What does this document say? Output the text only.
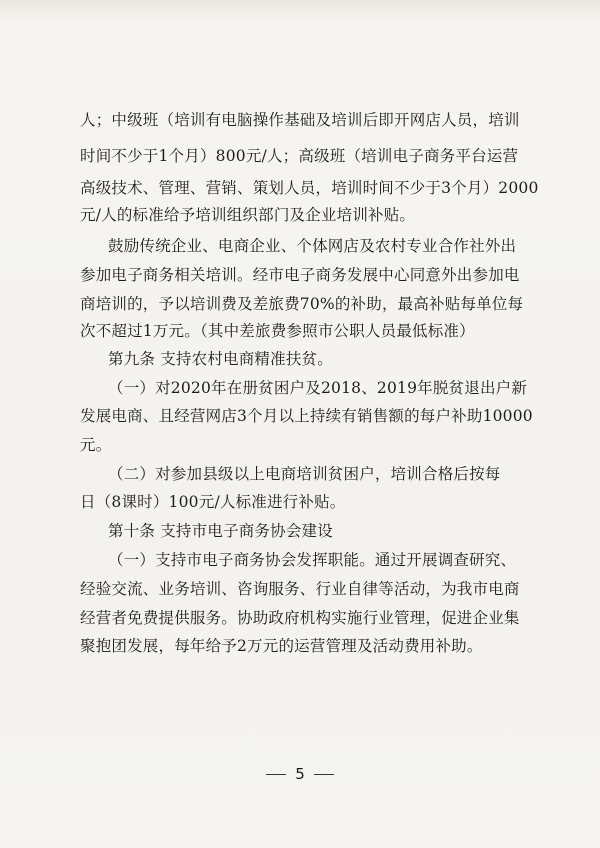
人；中级班（培训有电脑操作基础及培训后即开网店人员，培训
时间不少于1个月）800元/人；高级班（培训电子商务平台运营
高级技术、管理、营销、策划人员，培训时间不少于3个月）2000
元/人的标准给予培训组织部门及企业培训补贴。
鼓励传统企业、电商企业、个体网店及农村专业合作社外出
参加电子商务相关培训。经市电子商务发展中心同意外出参加电
商培训的，予以培训费及差旅费70%的补助，最高补贴每单位每
次不超过1万元。（其中差旅费参照市公职人员最低标准）
第九条 支持农村电商精准扶贫。
（一）对2020年在册贫困户及2018、2019年脱贫退出户新
发展电商、且经营网店3个月以上持续有销售额的每户补助10000
元。
（二）对参加县级以上电商培训贫困户，培训合格后按每
日（8课时）100元/人标准进行补贴。
第十条 支持市电子商务协会建设
（一）支持市电子商务协会发挥职能。通过开展调查研究、
经验交流、业务培训、咨询服务、行业自律等活动，为我市电商
经营者免费提供服务。协助政府机构实施行业管理，促进企业集
聚抱团发展，每年给予2万元的运营管理及活动费用补助。
5
